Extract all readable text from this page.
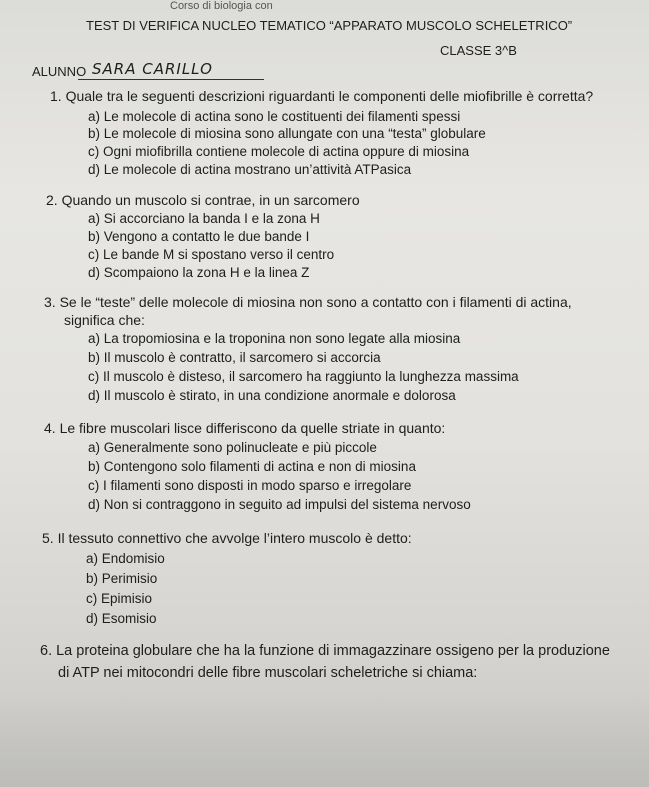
Corso di biologia con
TEST DI VERIFICA NUCLEO TEMATICO “APPARATO MUSCOLO SCHELETRICO”
CLASSE 3^B
ALUNNO SARA CARILLO
1. Quale tra le seguenti descrizioni riguardanti le componenti delle miofibrille è corretta?
a) Le molecole di actina sono le costituenti dei filamenti spessi
b) Le molecole di miosina sono allungate con una “testa” globulare
c) Ogni miofibrilla contiene molecole di actina oppure di miosina
d) Le molecole di actina mostrano un’attività ATPasica
2. Quando un muscolo si contrae, in un sarcomero
a) Si accorciano la banda I e la zona H
b) Vengono a contatto le due bande I
c) Le bande M si spostano verso il centro
d) Scompaiono la zona H e la linea Z
3. Se le “teste” delle molecole di miosina non sono a contatto con i filamenti di actina,
significa che:
a) La tropomiosina e la troponina non sono legate alla miosina
b) Il muscolo è contratto, il sarcomero si accorcia
c) Il muscolo è disteso, il sarcomero ha raggiunto la lunghezza massima
d) Il muscolo è stirato, in una condizione anormale e dolorosa
4. Le fibre muscolari lisce differiscono da quelle striate in quanto:
a) Generalmente sono polinucleate e più piccole
b) Contengono solo filamenti di actina e non di miosina
c) I filamenti sono disposti in modo sparso e irregolare
d) Non si contraggono in seguito ad impulsi del sistema nervoso
5. Il tessuto connettivo che avvolge l’intero muscolo è detto:
a) Endomisio
b) Perimisio
c) Epimisio
d) Esomisio
6. La proteina globulare che ha la funzione di immagazzinare ossigeno per la produzione
di ATP nei mitocondri delle fibre muscolari scheletriche si chiama:
